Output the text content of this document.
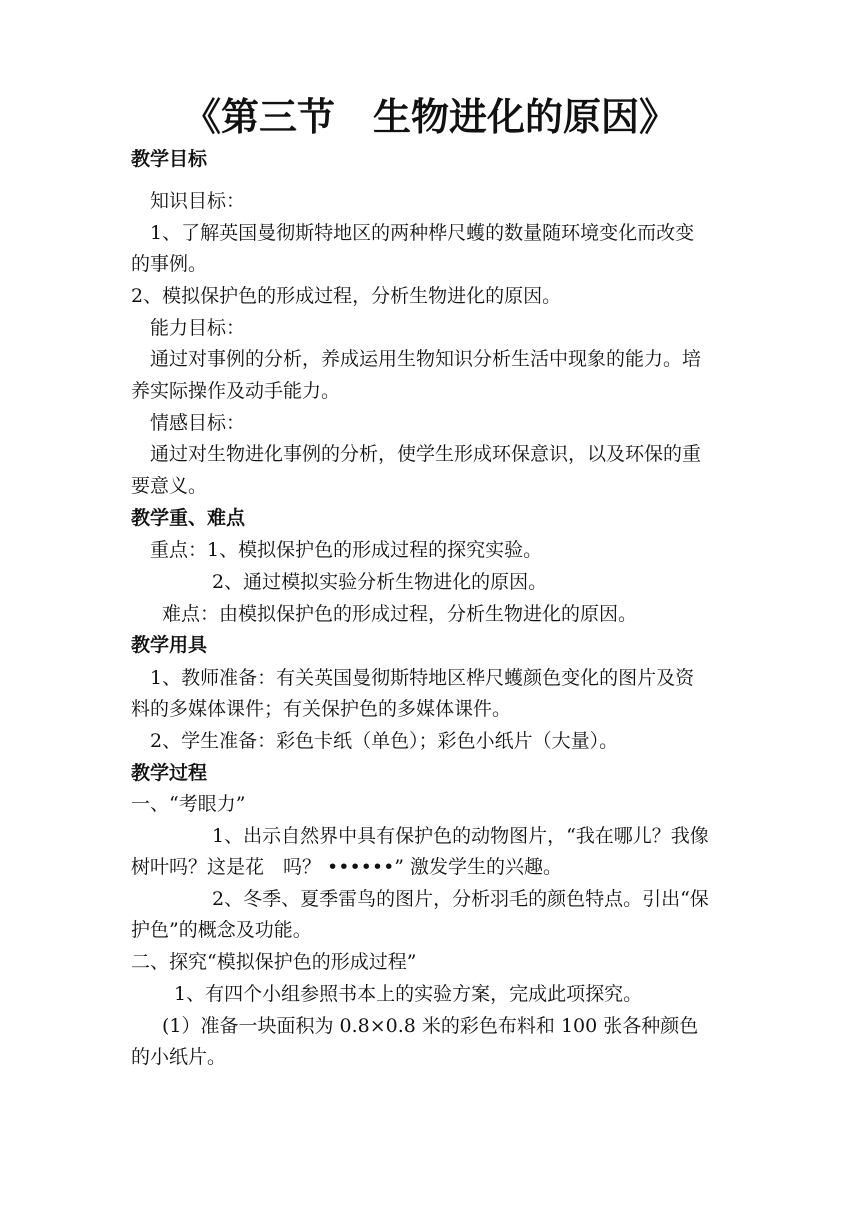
《第三节　生物进化的原因》
教学目标
知识目标：
1、了解英国曼彻斯特地区的两种桦尺蠖的数量随环境变化而改变
的事例。
2、模拟保护色的形成过程，分析生物进化的原因。
能力目标：
通过对事例的分析，养成运用生物知识分析生活中现象的能力。培
养实际操作及动手能力。
情感目标：
通过对生物进化事例的分析，使学生形成环保意识，以及环保的重
要意义。
教学重、难点
重点：1、模拟保护色的形成过程的探究实验。
2、通过模拟实验分析生物进化的原因。
难点：由模拟保护色的形成过程，分析生物进化的原因。
教学用具
1、教师准备：有关英国曼彻斯特地区桦尺蠖颜色变化的图片及资
料的多媒体课件；有关保护色的多媒体课件。
2、学生准备：彩色卡纸（单色）；彩色小纸片（大量）。
教学过程
一、“考眼力”
1、出示自然界中具有保护色的动物图片，“我在哪儿？我像
树叶吗？这是花　吗？ ••••••” 激发学生的兴趣。
2、冬季、夏季雷鸟的图片，分析羽毛的颜色特点。引出“保
护色”的概念及功能。
二、探究“模拟保护色的形成过程”
1、有四个小组参照书本上的实验方案，完成此项探究。
(1）准备一块面积为 0.8×0.8 米的彩色布料和 100 张各种颜色
的小纸片。
